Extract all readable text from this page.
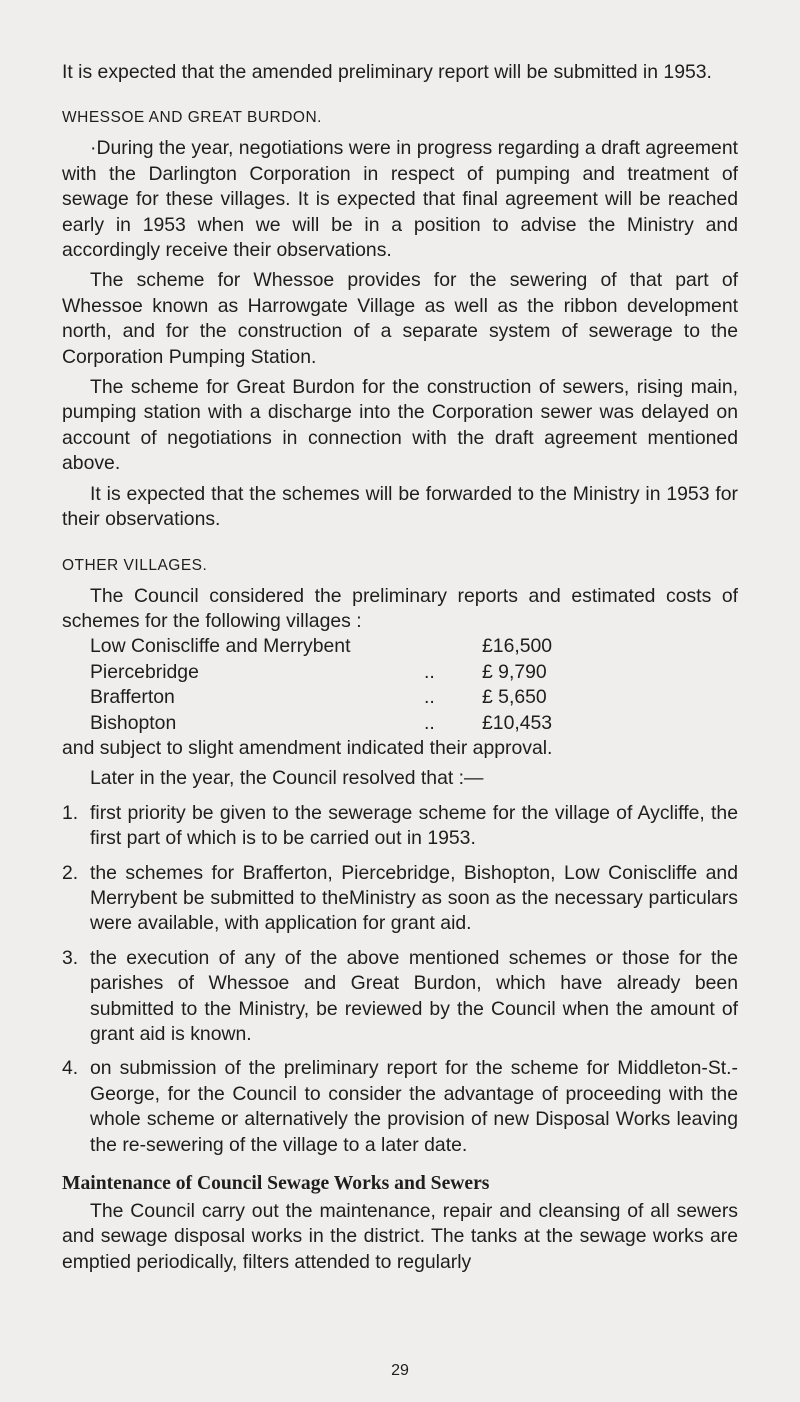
It is expected that the amended preliminary report will be submitted in 1953.

WHESSOE AND GREAT BURDON.

·During the year, negotiations were in progress regarding a draft agreement with the Darlington Corporation in respect of pumping and treatment of sewage for these villages. It is expected that final agreement will be reached early in 1953 when we will be in a position to advise the Ministry and accordingly receive their observations.

The scheme for Whessoe provides for the sewering of that part of Whessoe known as Harrowgate Village as well as the ribbon development north, and for the construction of a separate system of sewerage to the Corporation Pumping Station.

The scheme for Great Burdon for the construction of sewers, rising main, pumping station with a discharge into the Corporation sewer was delayed on account of negotiations in connection with the draft agreement mentioned above.

It is expected that the schemes will be forwarded to the Ministry in 1953 for their observations.

OTHER VILLAGES.

The Council considered the preliminary reports and estimated costs of schemes for the following villages :

Low Coniscliffe and Merrybent	£16,500
Piercebridge	..	£ 9,790
Brafferton	..	£ 5,650
Bishopton	..	£10,453

and subject to slight amendment indicated their approval.

Later in the year, the Council resolved that :—

1. first priority be given to the sewerage scheme for the village of Aycliffe, the first part of which is to be carried out in 1953.

2. the schemes for Brafferton, Piercebridge, Bishopton, Low Coniscliffe and Merrybent be submitted to theMinistry as soon as the necessary particulars were available, with application for grant aid.

3. the execution of any of the above mentioned schemes or those for the parishes of Whessoe and Great Burdon, which have already been submitted to the Ministry, be reviewed by the Council when the amount of grant aid is known.

4. on submission of the preliminary report for the scheme for Middleton-St.-George, for the Council to consider the advantage of proceeding with the whole scheme or alternatively the provision of new Disposal Works leaving the re-sewering of the village to a later date.

Maintenance of Council Sewage Works and Sewers

The Council carry out the maintenance, repair and cleansing of all sewers and sewage disposal works in the district. The tanks at the sewage works are emptied periodically, filters attended to regularly

29
